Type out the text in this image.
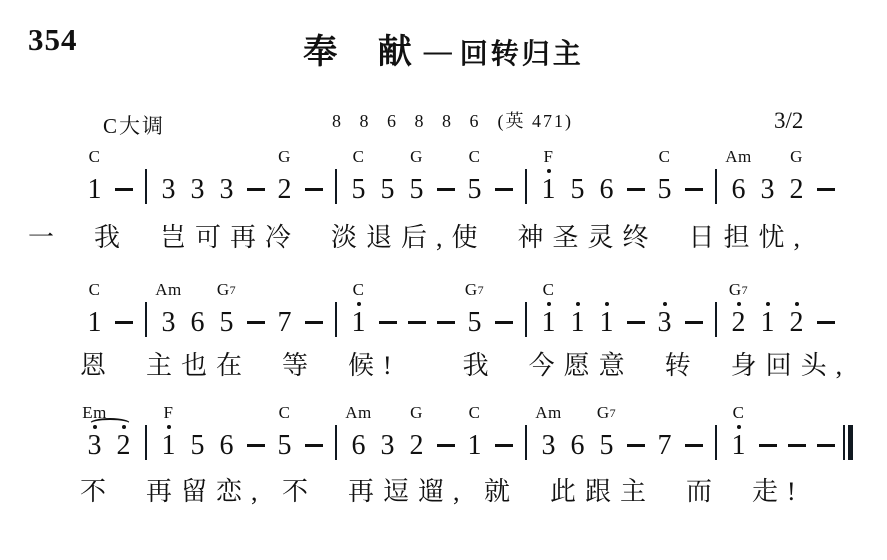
354	奉 献 — 回转归主

8 8 6 8 8 6 (英 471)

C大调	3/2
C
1 3 3 3
G
2
C
5 5
G
5
C
5
F
1 5 6
C
5
Am
6 3
G
2
一  我  岂可再冷  淡退后,使  神圣灵终  日担忧,
C
1
Am
3 6
G7
5 7
C
1
G7
5
C
1 1 1 3
G7
2 1 2
恩  主也在  等  候!    我  今愿意  转  身回头,
Em
3 2
F
1 5 6
C
5
Am
6 3
G
2
C
1
Am
3 6
G7
5 7
C
1
不  再留恋, 不  再逗遛, 就  此跟主  而  走!
